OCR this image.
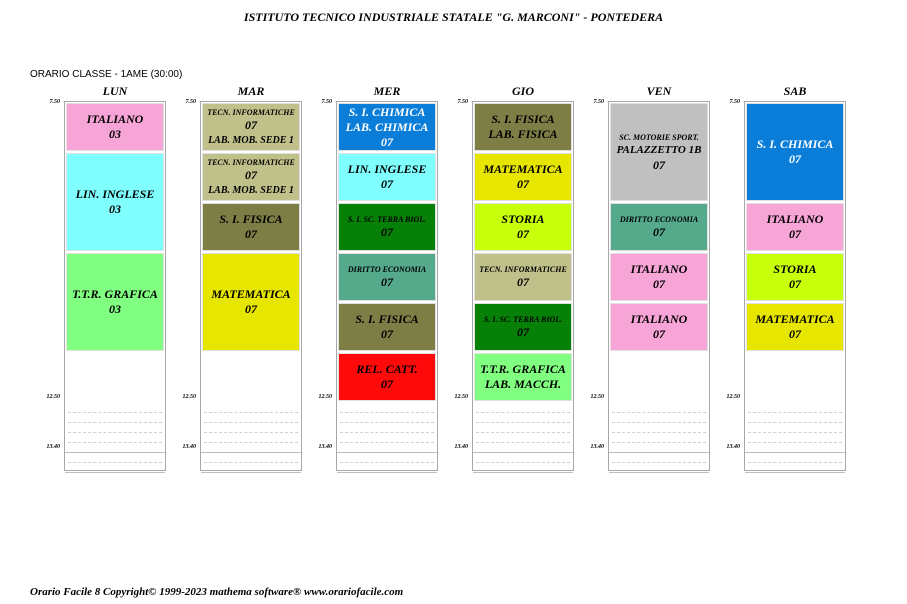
ISTITUTO TECNICO INDUSTRIALE STATALE "G. MARCONI" - PONTEDERA
ORARIO CLASSE - 1AME (30:00)
LUN
7.50
12.50
13.40
ITALIANO
03
LIN. INGLESE
03
T.T.R. GRAFICA
03
MAR
7.50
12.50
13.40
TECN. INFORMATICHE
07
LAB. MOB. SEDE 1
TECN. INFORMATICHE
07
LAB. MOB. SEDE 1
S. I. FISICA
07
MATEMATICA
07
MER
7.50
12.50
13.40
S. I. CHIMICA
LAB. CHIMICA
07
LIN. INGLESE
07
S. I. SC. TERRA BIOL.
07
DIRITTO ECONOMIA
07
S. I. FISICA
07
REL. CATT.
07
GIO
7.50
12.50
13.40
S. I. FISICA
LAB. FISICA
MATEMATICA
07
STORIA
07
TECN. INFORMATICHE
07
S. I. SC. TERRA BIOL.
07
T.T.R. GRAFICA
LAB. MACCH.
VEN
7.50
12.50
13.40
SC. MOTORIE SPORT.
PALAZZETTO 1B
07
DIRITTO ECONOMIA
07
ITALIANO
07
ITALIANO
07
SAB
7.50
12.50
13.40
S. I. CHIMICA
07
ITALIANO
07
STORIA
07
MATEMATICA
07
Orario Facile 8 Copyright© 1999-2023 mathema software® www.orariofacile.com
